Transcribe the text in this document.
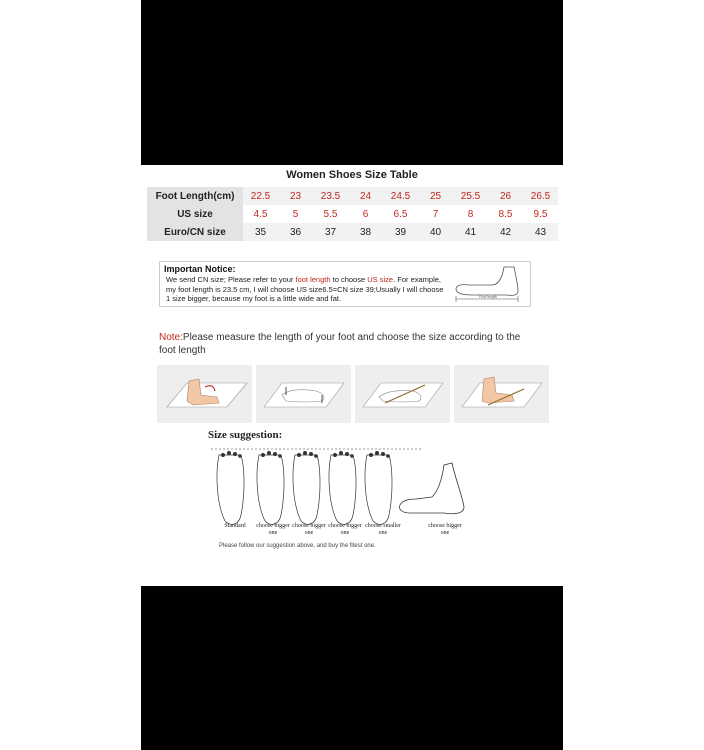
Women Shoes Size Table
Foot Length(cm)	22.5	23	23.5	24	24.5	25	25.5	26	26.5
US size	4.5	5	5.5	6	6.5	7	8	8.5	9.5
Euro/CN size	35	36	37	38	39	40	41	42	43
Importan Notice:
We send CN size; Please refer to your foot length to choose US size. For example,
my foot length is 23.5 cm, I will choose US size6.5=CN size 39;Usually I will choose
1 size bigger, because my foot is a little wide and fat.	Foot length
Note:Please measure the length of your foot and choose the size according to the foot length
Size suggestion:
Standard	choose bigger one
choose bigger one
choose bigger one
choose smaller one
choose bigger one
Please follow our suggestion above, and buy the fitest one.
